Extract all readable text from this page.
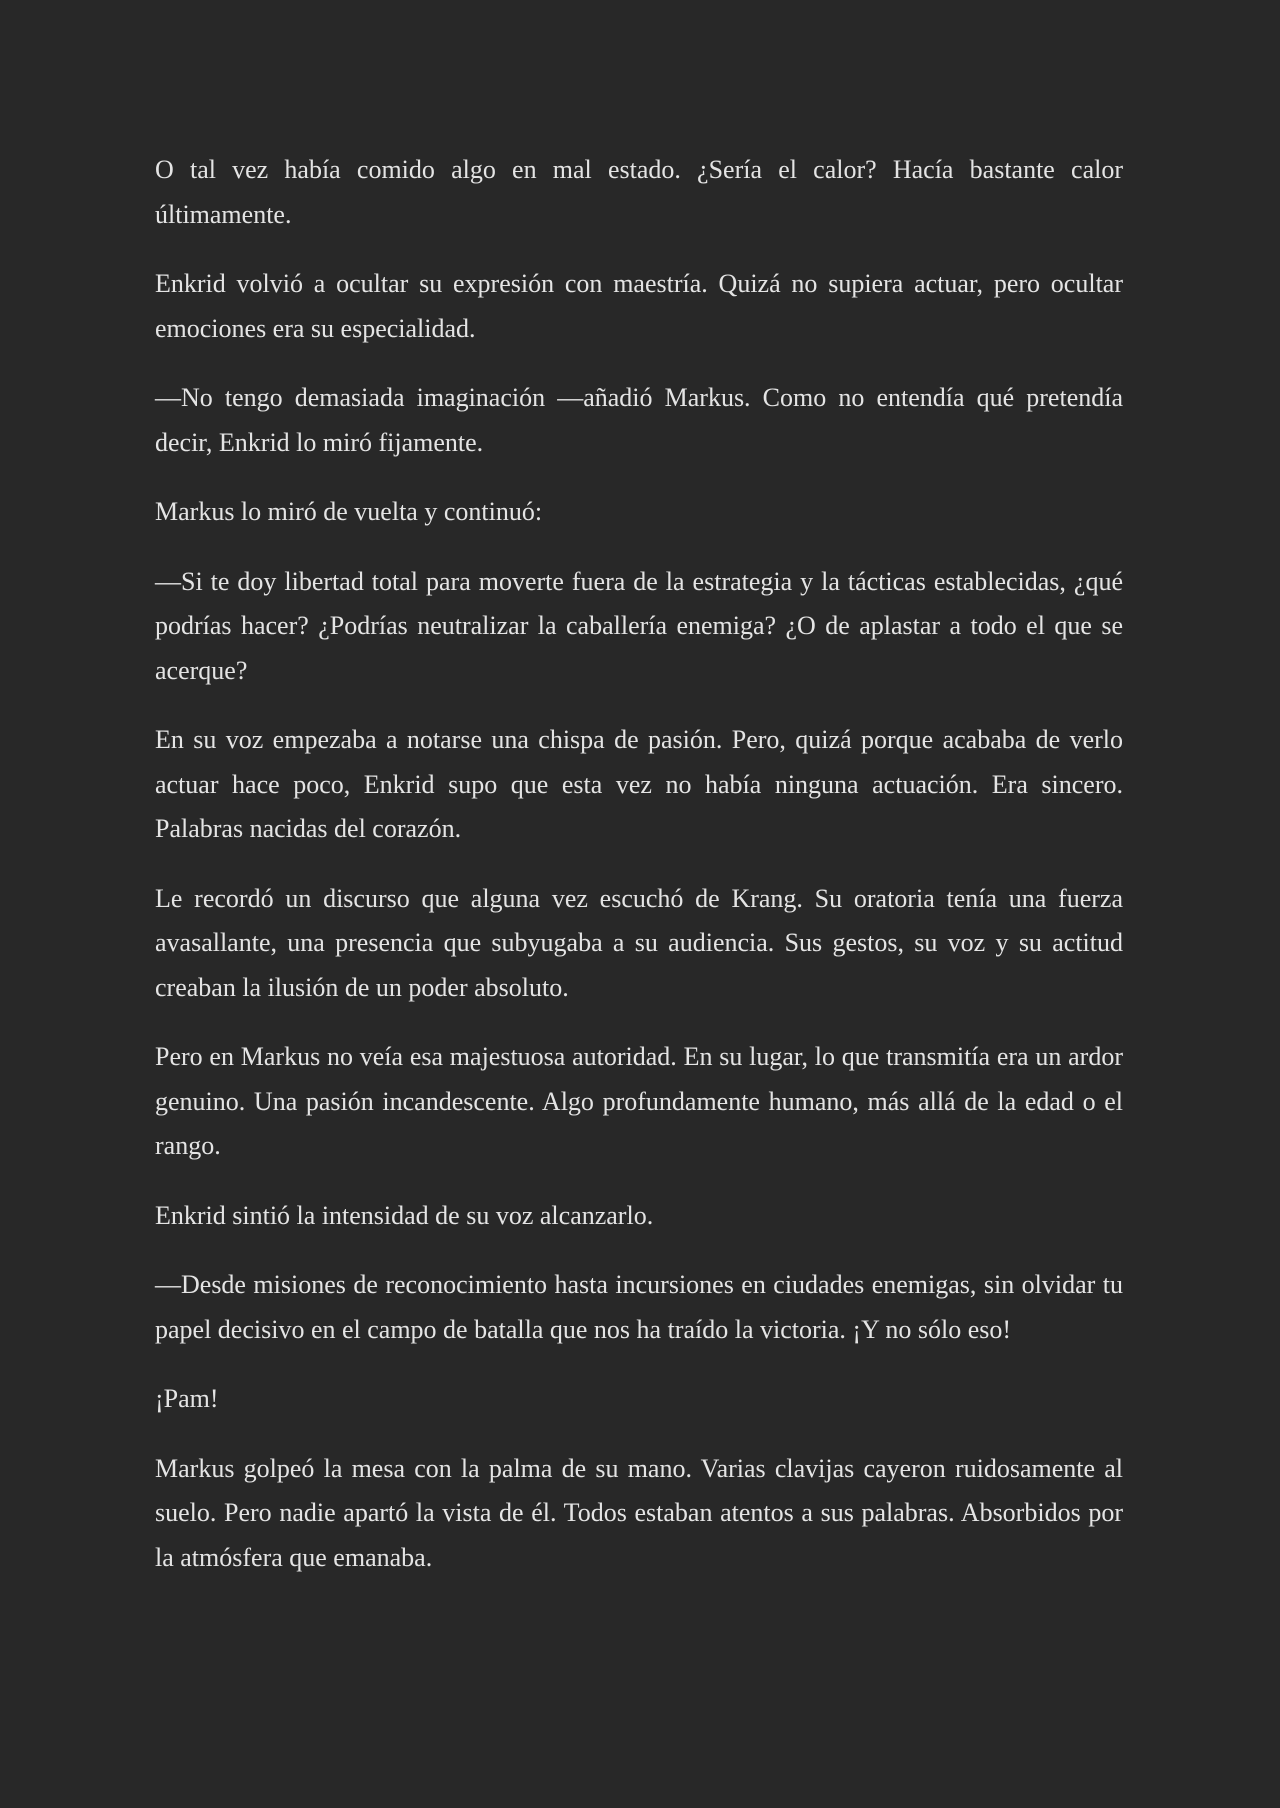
O tal vez había comido algo en mal estado. ¿Sería el calor? Hacía bastante calor últimamente.

Enkrid volvió a ocultar su expresión con maestría. Quizá no supiera actuar, pero ocultar emociones era su especialidad.

—No tengo demasiada imaginación —añadió Markus. Como no entendía qué pretendía decir, Enkrid lo miró fijamente.

Markus lo miró de vuelta y continuó:

—Si te doy libertad total para moverte fuera de la estrategia y la tácticas establecidas, ¿qué podrías hacer? ¿Podrías neutralizar la caballería enemiga? ¿O de aplastar a todo el que se acerque?

En su voz empezaba a notarse una chispa de pasión. Pero, quizá porque acababa de verlo actuar hace poco, Enkrid supo que esta vez no había ninguna actuación. Era sincero. Palabras nacidas del corazón.

Le recordó un discurso que alguna vez escuchó de Krang. Su oratoria tenía una fuerza avasallante, una presencia que subyugaba a su audiencia. Sus gestos, su voz y su actitud creaban la ilusión de un poder absoluto.

Pero en Markus no veía esa majestuosa autoridad. En su lugar, lo que transmitía era un ardor genuino. Una pasión incandescente. Algo profundamente humano, más allá de la edad o el rango.

Enkrid sintió la intensidad de su voz alcanzarlo.

—Desde misiones de reconocimiento hasta incursiones en ciudades enemigas, sin olvidar tu papel decisivo en el campo de batalla que nos ha traído la victoria. ¡Y no sólo eso!

¡Pam!

Markus golpeó la mesa con la palma de su mano. Varias clavijas cayeron ruidosamente al suelo. Pero nadie apartó la vista de él. Todos estaban atentos a sus palabras. Absorbidos por la atmósfera que emanaba.
